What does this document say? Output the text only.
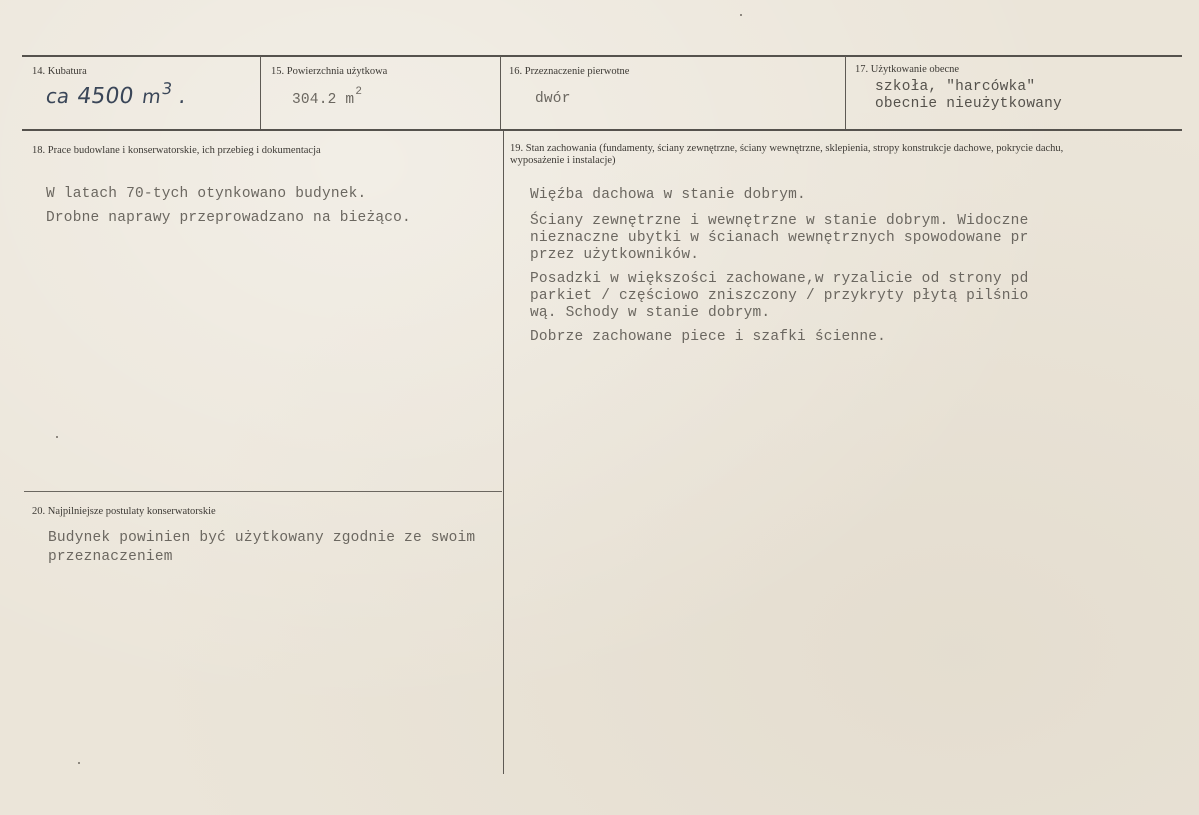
14. Kubatura
ca 4500 $m^3$ .
15. Powierzchnia użytkowa
304.2 $m^2$
16. Przeznaczenie pierwotne
dwór
17. Użytkowanie obecne
szkoła, "harcówka"
obecnie nieużytkowany
18. Prace budowlane i konserwatorskie, ich przebieg i dokumentacja
W latach 70-tych otynkowano budynek.
Drobne naprawy przeprowadzano na bieżąco.
19. Stan zachowania (fundamenty, ściany zewnętrzne, ściany wewnętrzne, sklepienia, stropy konstrukcje dachowe, pokrycie dachu, wyposażenie i instalacje)
Więźba dachowa w stanie dobrym.
Ściany zewnętrzne i wewnętrzne w stanie dobrym. Widoczne
nieznaczne ubytki w ścianach wewnętrznych spowodowane pr
przez użytkowników.
Posadzki w większości zachowane,w ryzalicie od strony pd
parkiet / częściowo zniszczony / przykryty płytą pilśnio
wą. Schody w stanie dobrym.
Dobrze zachowane piece i szafki ścienne.
20. Najpilniejsze postulaty konserwatorskie
Budynek powinien być użytkowany zgodnie ze swoim
przeznaczeniem
